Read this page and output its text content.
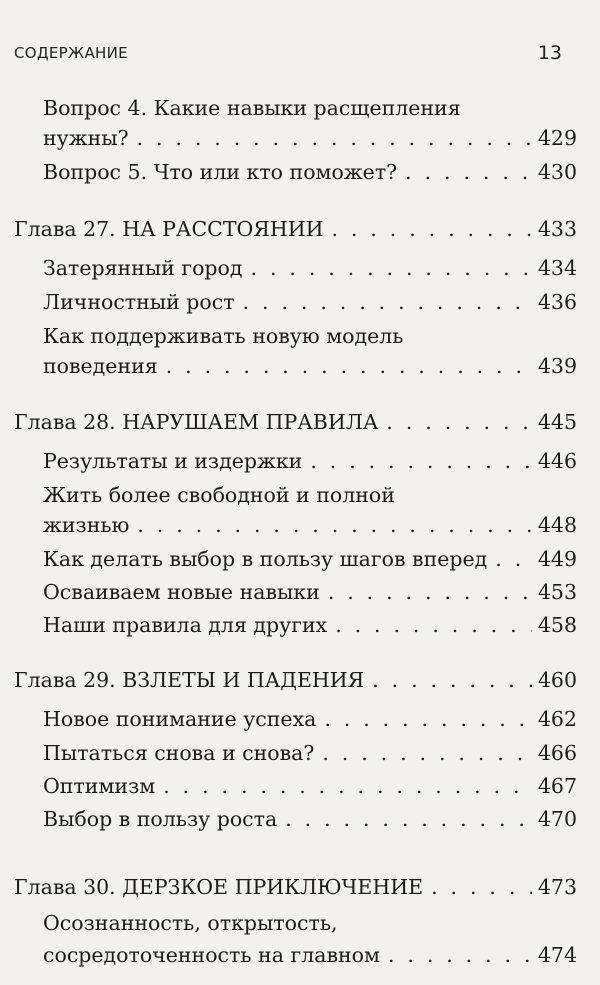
СОДЕРЖАНИЕ	13
Вопрос 4. Какие навыки расщепления
нужны? . . .	429
Вопрос 5. Что или кто поможет? . . .	430
Глава 27. НА РАССТОЯНИИ . . .	433
Затерянный город . . .	434
Личностный рост . . .	436
Как поддерживать новую модель
поведения . . .	439
Глава 28. НАРУШАЕМ ПРАВИЛА . . .	445
Результаты и издержки . . .	446
Жить более свободной и полной
жизнью . . .	448
Как делать выбор в пользу шагов вперед . . . 449
Осваиваем новые навыки . . .	453
Наши правила для других . . .	458
Глава 29. ВЗЛЕТЫ И ПАДЕНИЯ . . .	460
Новое понимание успеха . . .	462
Пытаться снова и снова? . . .	466
Оптимизм . . .	467
Выбор в пользу роста . . .	470
Глава 30. ДЕРЗКОЕ ПРИКЛЮЧЕНИЕ . . .	473
Осознанность, открытость,
сосредоточенность на главном . . .	474
